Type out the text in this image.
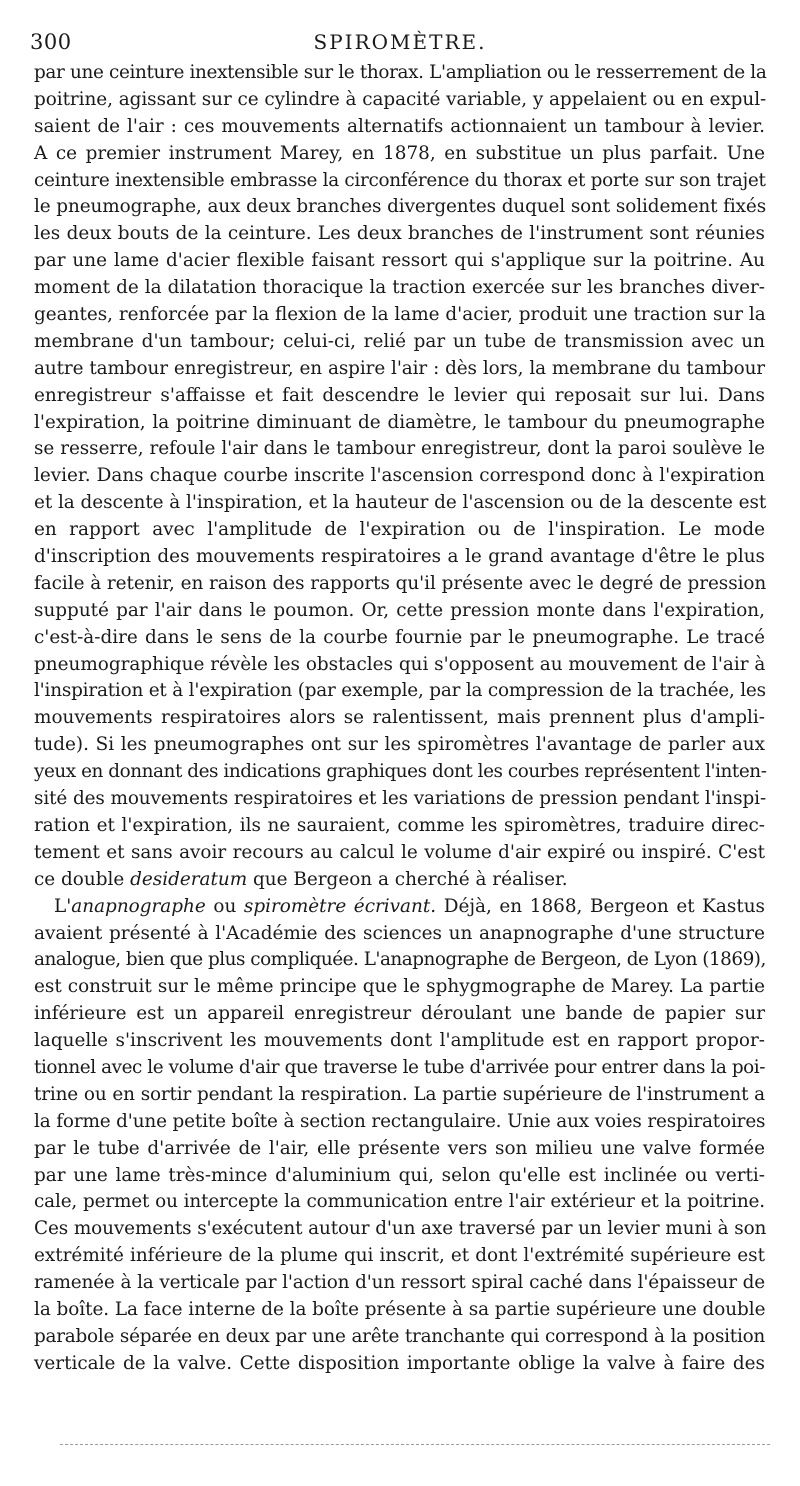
300	SPIROMÈTRE.
par une ceinture inextensible sur le thorax. L'ampliation ou le resserrement de la
poitrine, agissant sur ce cylindre à capacité variable, y appelaient ou en expul-
saient de l'air : ces mouvements alternatifs actionnaient un tambour à levier.
A ce premier instrument Marey, en 1878, en substitue un plus parfait. Une
ceinture inextensible embrasse la circonférence du thorax et porte sur son trajet
le pneumographe, aux deux branches divergentes duquel sont solidement fixés
les deux bouts de la ceinture. Les deux branches de l'instrument sont réunies
par une lame d'acier flexible faisant ressort qui s'applique sur la poitrine. Au
moment de la dilatation thoracique la traction exercée sur les branches diver-
geantes, renforcée par la flexion de la lame d'acier, produit une traction sur la
membrane d'un tambour; celui-ci, relié par un tube de transmission avec un
autre tambour enregistreur, en aspire l'air : dès lors, la membrane du tambour
enregistreur s'affaisse et fait descendre le levier qui reposait sur lui. Dans
l'expiration, la poitrine diminuant de diamètre, le tambour du pneumographe
se resserre, refoule l'air dans le tambour enregistreur, dont la paroi soulève le
levier. Dans chaque courbe inscrite l'ascension correspond donc à l'expiration
et la descente à l'inspiration, et la hauteur de l'ascension ou de la descente est
en rapport avec l'amplitude de l'expiration ou de l'inspiration. Le mode
d'inscription des mouvements respiratoires a le grand avantage d'être le plus
facile à retenir, en raison des rapports qu'il présente avec le degré de pression
supputé par l'air dans le poumon. Or, cette pression monte dans l'expiration,
c'est-à-dire dans le sens de la courbe fournie par le pneumographe. Le tracé
pneumographique révèle les obstacles qui s'opposent au mouvement de l'air à
l'inspiration et à l'expiration (par exemple, par la compression de la trachée, les
mouvements respiratoires alors se ralentissent, mais prennent plus d'ampli-
tude). Si les pneumographes ont sur les spiromètres l'avantage de parler aux
yeux en donnant des indications graphiques dont les courbes représentent l'inten-
sité des mouvements respiratoires et les variations de pression pendant l'inspi-
ration et l'expiration, ils ne sauraient, comme les spiromètres, traduire direc-
tement et sans avoir recours au calcul le volume d'air expiré ou inspiré. C'est
ce double desideratum que Bergeon a cherché à réaliser.
L'anapnographe ou spiromètre écrivant. Déjà, en 1868, Bergeon et Kastus
avaient présenté à l'Académie des sciences un anapnographe d'une structure
analogue, bien que plus compliquée. L'anapnographe de Bergeon, de Lyon (1869),
est construit sur le même principe que le sphygmographe de Marey. La partie
inférieure est un appareil enregistreur déroulant une bande de papier sur
laquelle s'inscrivent les mouvements dont l'amplitude est en rapport propor-
tionnel avec le volume d'air que traverse le tube d'arrivée pour entrer dans la poi-
trine ou en sortir pendant la respiration. La partie supérieure de l'instrument a
la forme d'une petite boîte à section rectangulaire. Unie aux voies respiratoires
par le tube d'arrivée de l'air, elle présente vers son milieu une valve formée
par une lame très-mince d'aluminium qui, selon qu'elle est inclinée ou verti-
cale, permet ou intercepte la communication entre l'air extérieur et la poitrine.
Ces mouvements s'exécutent autour d'un axe traversé par un levier muni à son
extrémité inférieure de la plume qui inscrit, et dont l'extrémité supérieure est
ramenée à la verticale par l'action d'un ressort spiral caché dans l'épaisseur de
la boîte. La face interne de la boîte présente à sa partie supérieure une double
parabole séparée en deux par une arête tranchante qui correspond à la position
verticale de la valve. Cette disposition importante oblige la valve à faire des
